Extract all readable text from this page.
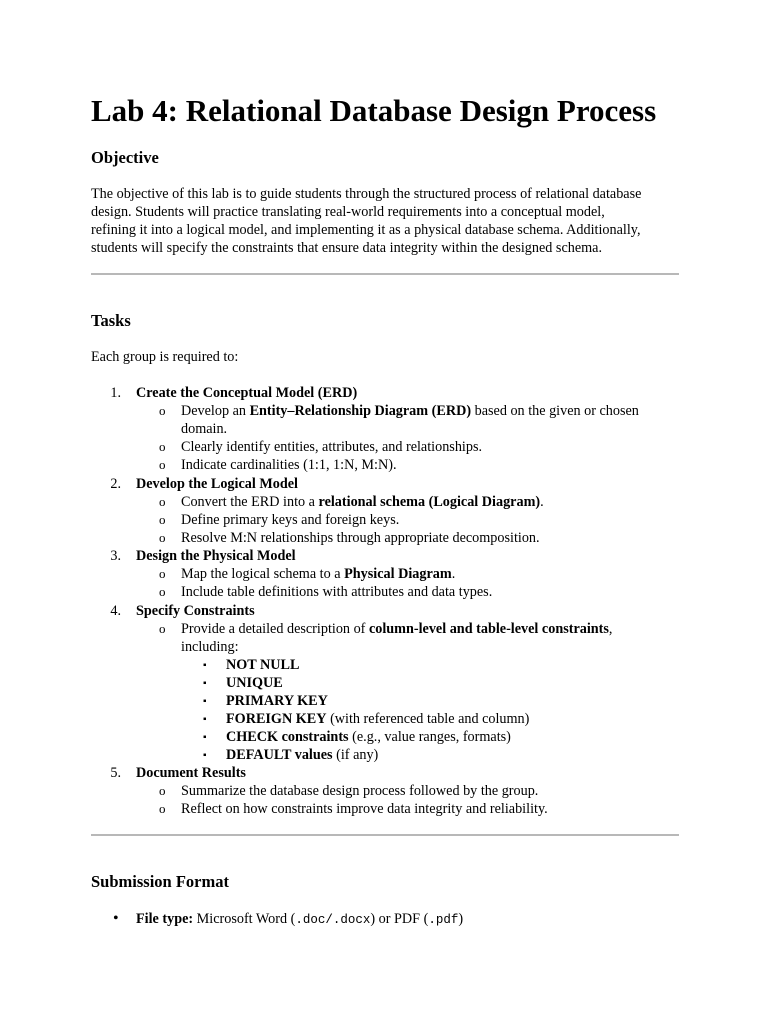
Lab 4: Relational Database Design Process
Objective

The objective of this lab is to guide students through the structured process of relational database

design. Students will practice translating real-world requirements into a conceptual model,

refining it into a logical model, and implementing it as a physical database schema. Additionally,

students will specify the constraints that ensure data integrity within the designed schema.

Tasks

Each group is required to:

1. Create the Conceptual Model (ERD)
o Develop an Entity–Relationship Diagram (ERD) based on the given or chosen
domain.
o Clearly identify entities, attributes, and relationships.
o Indicate cardinalities (1:1, 1:N, M:N).
2. Develop the Logical Model
o Convert the ERD into a relational schema (Logical Diagram).
o Define primary keys and foreign keys.
o Resolve M:N relationships through appropriate decomposition.
3. Design the Physical Model
o Map the logical schema to a Physical Diagram.
o Include table definitions with attributes and data types.
4. Specify Constraints
o Provide a detailed description of column-level and table-level constraints,
including:
▪ NOT NULL
▪ UNIQUE
▪ PRIMARY KEY
▪ FOREIGN KEY (with referenced table and column)
▪ CHECK constraints (e.g., value ranges, formats)
▪ DEFAULT values (if any)
5. Document Results
o Summarize the database design process followed by the group.
o Reflect on how constraints improve data integrity and reliability.
Submission Format
• File type: Microsoft Word (.doc/.docx) or PDF (.pdf)
